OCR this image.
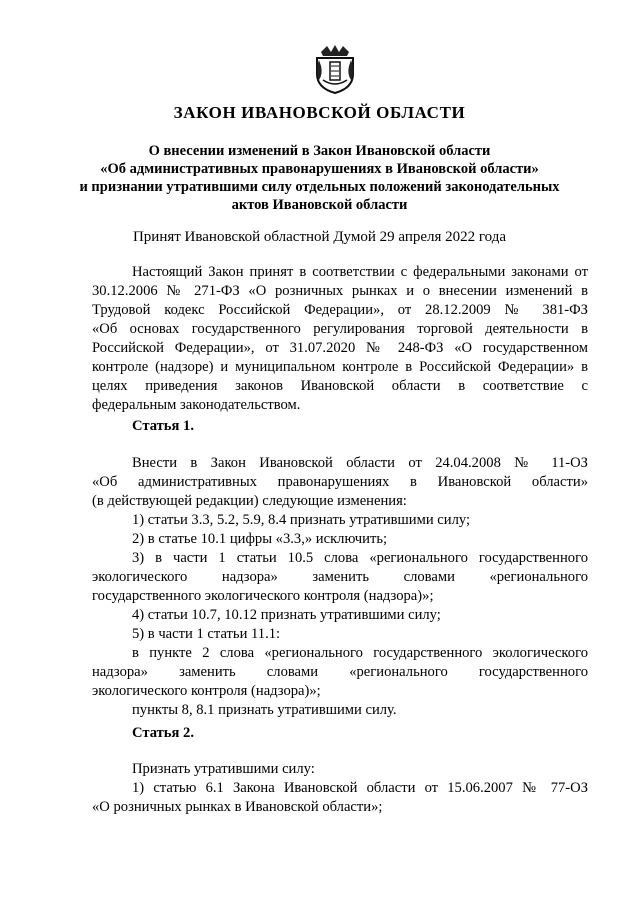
ЗАКОН ИВАНОВСКОЙ ОБЛАСТИ
О внесении изменений в Закон Ивановской области
«Об административных правонарушениях в Ивановской области»
и признании утратившими силу отдельных положений законодательных
актов Ивановской области
Принят Ивановской областной Думой 29 апреля 2022 года
Настоящий Закон принят в соответствии с федеральными законами от
30.12.2006 № 271-ФЗ «О розничных рынках и о внесении изменений в
Трудовой кодекс Российской Федерации», от 28.12.2009 № 381-ФЗ
«Об основах государственного регулирования торговой деятельности в
Российской Федерации», от 31.07.2020 № 248-ФЗ «О государственном
контроле (надзоре) и муниципальном контроле в Российской Федерации» в
целях приведения законов Ивановской области в соответствие с
федеральным законодательством.
Статья 1.
Внести в Закон Ивановской области от 24.04.2008 № 11-ОЗ
«Об административных правонарушениях в Ивановской области»
(в действующей редакции) следующие изменения:
1) статьи 3.3, 5.2, 5.9, 8.4 признать утратившими силу;
2) в статье 10.1 цифры «3.3,» исключить;
3) в части 1 статьи 10.5 слова «регионального государственного
экологического надзора» заменить словами «регионального
государственного экологического контроля (надзора)»;
4) статьи 10.7, 10.12 признать утратившими силу;
5) в части 1 статьи 11.1:
в пункте 2 слова «регионального государственного экологического
надзора» заменить словами «регионального государственного
экологического контроля (надзора)»;
пункты 8, 8.1 признать утратившими силу.
Статья 2.
Признать утратившими силу:
1) статью 6.1 Закона Ивановской области от 15.06.2007 № 77-ОЗ
«О розничных рынках в Ивановской области»;
